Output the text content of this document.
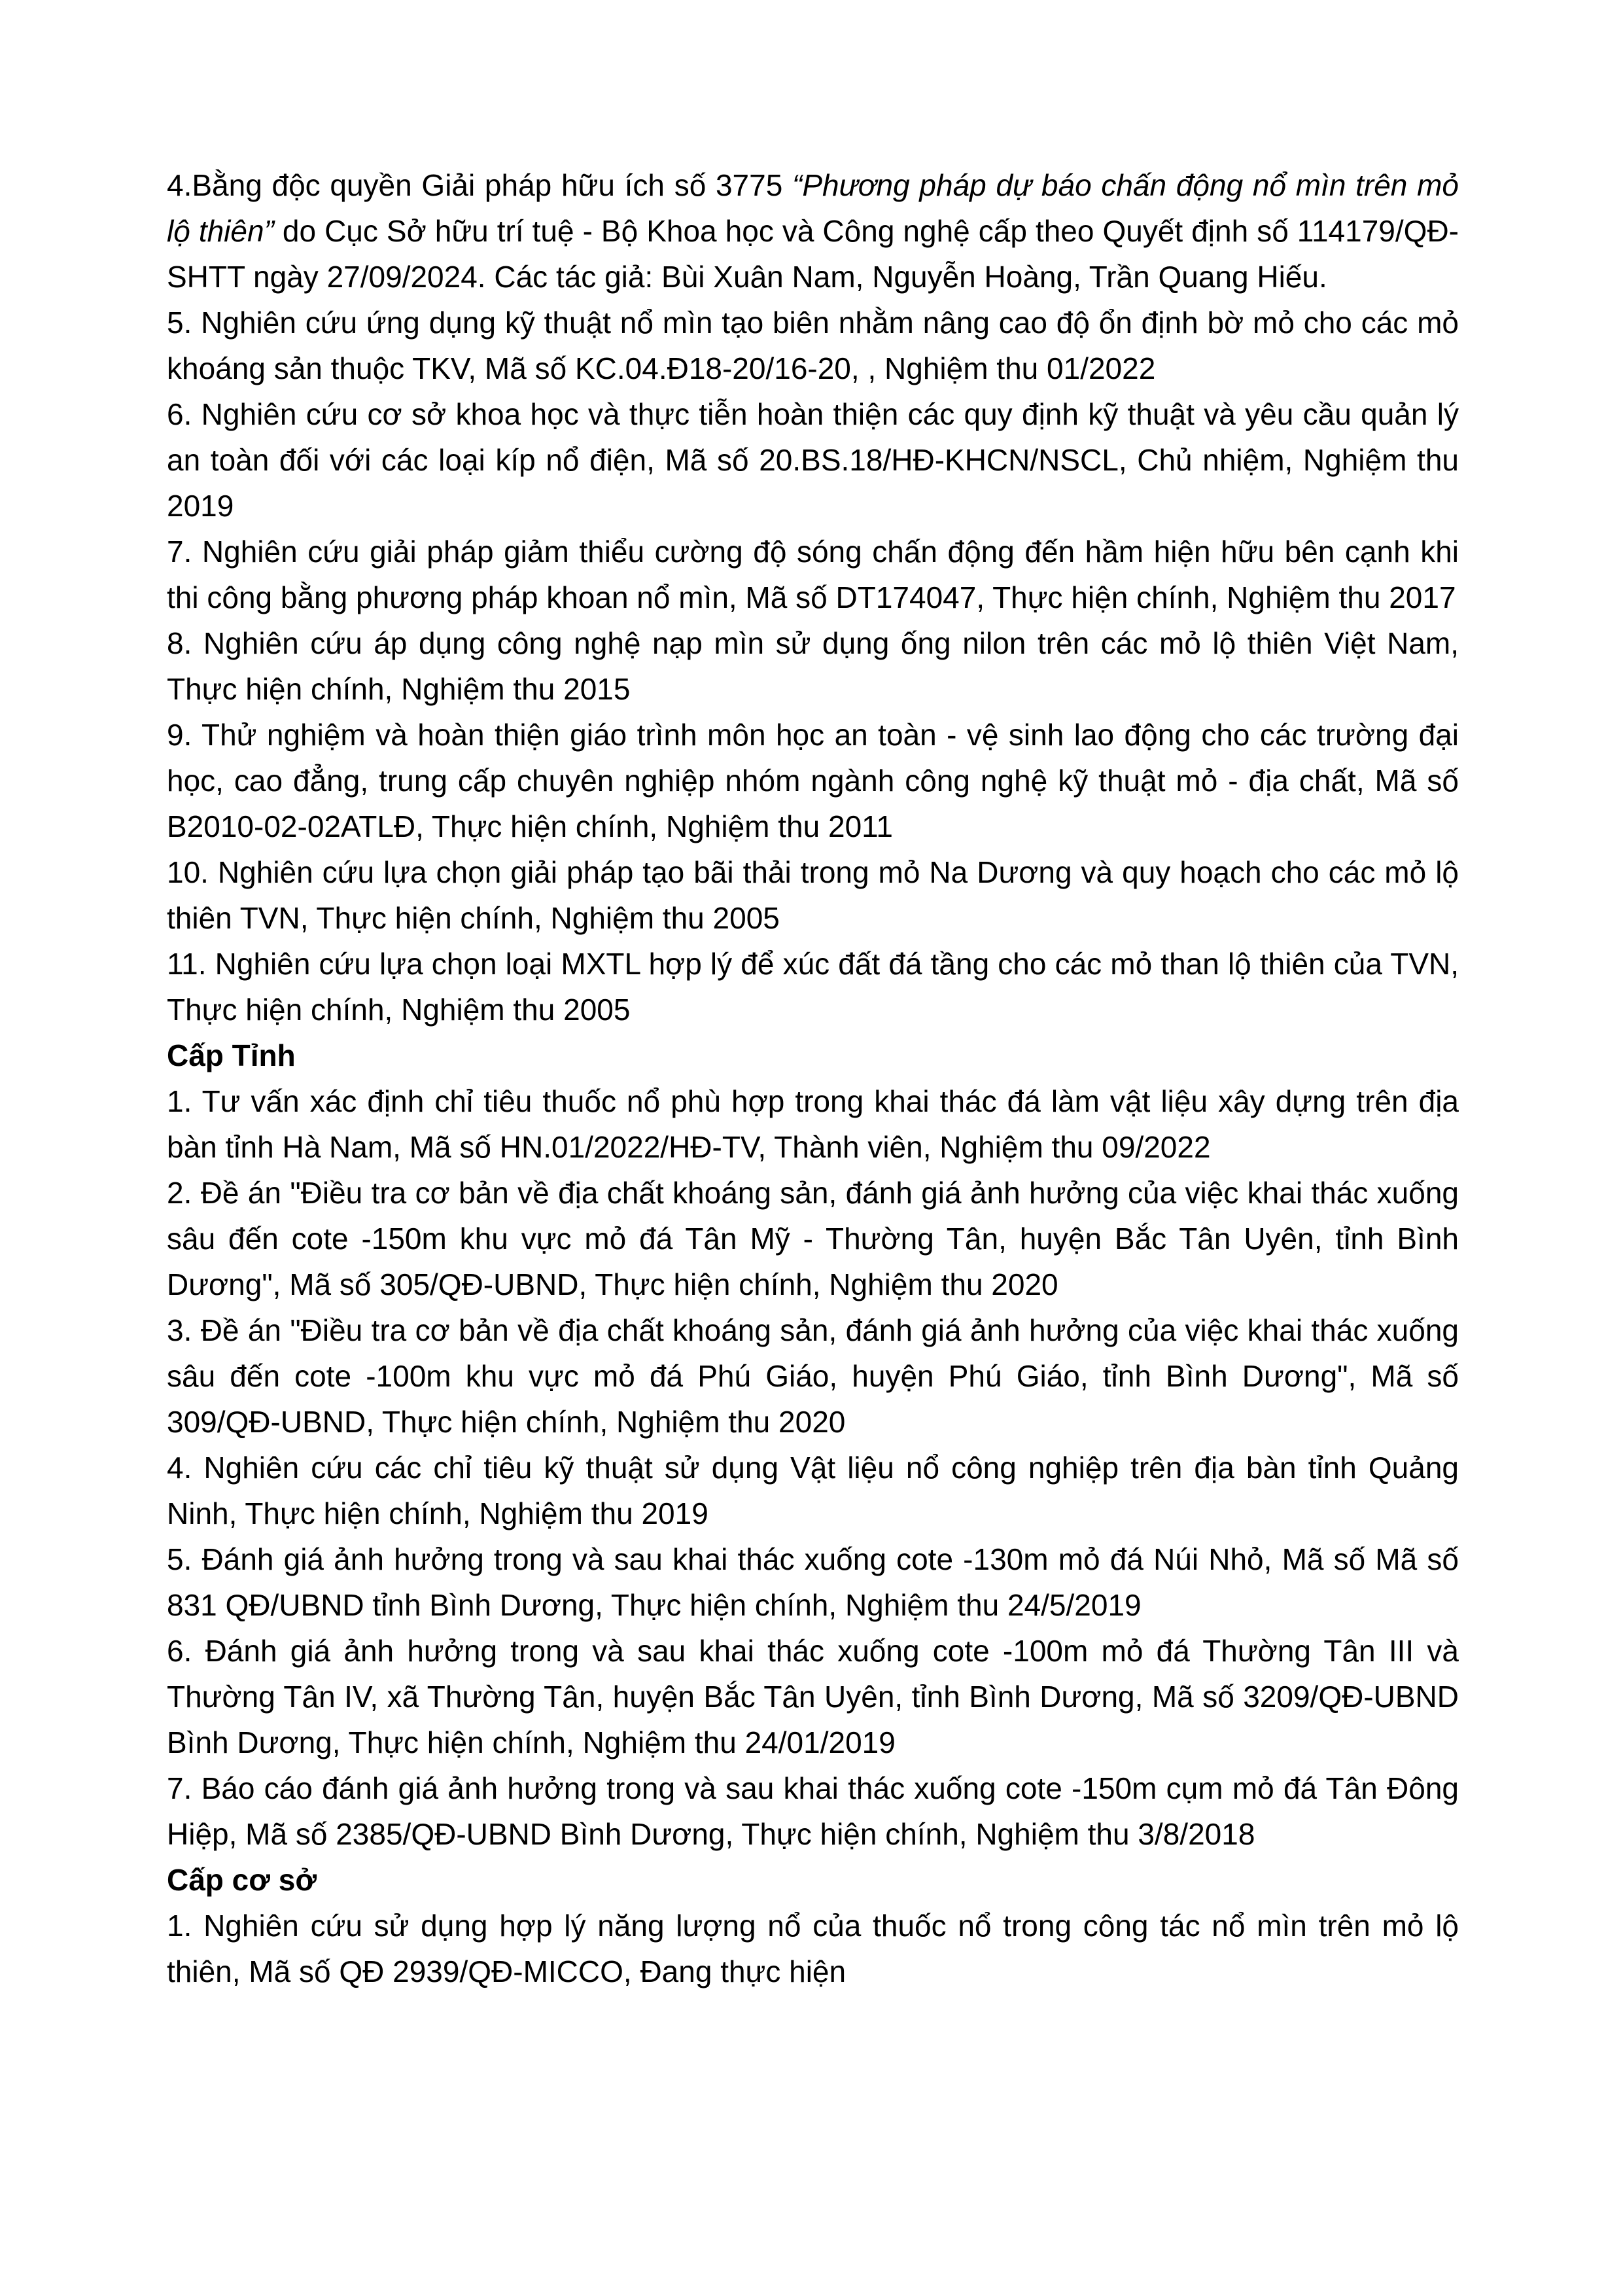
4.Bằng độc quyền Giải pháp hữu ích số 3775 “Phương pháp dự báo chấn động nổ mìn trên mỏ lộ thiên” do Cục Sở hữu trí tuệ - Bộ Khoa học và Công nghệ cấp theo Quyết định số 114179/QĐ-SHTT ngày 27/09/2024. Các tác giả: Bùi Xuân Nam, Nguyễn Hoàng, Trần Quang Hiếu.

5. Nghiên cứu ứng dụng kỹ thuật nổ mìn tạo biên nhằm nâng cao độ ổn định bờ mỏ cho các mỏ khoáng sản thuộc TKV, Mã số KC.04.Đ18-20/16-20, , Nghiệm thu 01/2022

6. Nghiên cứu cơ sở khoa học và thực tiễn hoàn thiện các quy định kỹ thuật và yêu cầu quản lý an toàn đối với các loại kíp nổ điện, Mã số 20.BS.18/HĐ-KHCN/NSCL, Chủ nhiệm, Nghiệm thu 2019

7. Nghiên cứu giải pháp giảm thiểu cường độ sóng chấn động đến hầm hiện hữu bên cạnh khi thi công bằng phương pháp khoan nổ mìn, Mã số DT174047, Thực hiện chính, Nghiệm thu 2017

8. Nghiên cứu áp dụng công nghệ nạp mìn sử dụng ống nilon trên các mỏ lộ thiên Việt Nam, Thực hiện chính, Nghiệm thu 2015

9. Thử nghiệm và hoàn thiện giáo trình môn học an toàn - vệ sinh lao động cho các trường đại học, cao đẳng, trung cấp chuyên nghiệp nhóm ngành công nghệ kỹ thuật mỏ - địa chất, Mã số B2010-02-02ATLĐ, Thực hiện chính, Nghiệm thu 2011

10. Nghiên cứu lựa chọn giải pháp tạo bãi thải trong mỏ Na Dương và quy hoạch cho các mỏ lộ thiên TVN, Thực hiện chính, Nghiệm thu 2005

11. Nghiên cứu lựa chọn loại MXTL hợp lý để xúc đất đá tầng cho các mỏ than lộ thiên của TVN, Thực hiện chính, Nghiệm thu 2005

Cấp Tỉnh

1. Tư vấn xác định chỉ tiêu thuốc nổ phù hợp trong khai thác đá làm vật liệu xây dựng trên địa bàn tỉnh Hà Nam, Mã số HN.01/2022/HĐ-TV, Thành viên, Nghiệm thu 09/2022

2. Đề án "Điều tra cơ bản về địa chất khoáng sản, đánh giá ảnh hưởng của việc khai thác xuống sâu đến cote -150m khu vực mỏ đá Tân Mỹ - Thường Tân, huyện Bắc Tân Uyên, tỉnh Bình Dương", Mã số 305/QĐ-UBND, Thực hiện chính, Nghiệm thu 2020

3. Đề án "Điều tra cơ bản về địa chất khoáng sản, đánh giá ảnh hưởng của việc khai thác xuống sâu đến cote -100m khu vực mỏ đá Phú Giáo, huyện Phú Giáo, tỉnh Bình Dương", Mã số 309/QĐ-UBND, Thực hiện chính, Nghiệm thu 2020

4. Nghiên cứu các chỉ tiêu kỹ thuật sử dụng Vật liệu nổ công nghiệp trên địa bàn tỉnh Quảng Ninh, Thực hiện chính, Nghiệm thu 2019

5. Đánh giá ảnh hưởng trong và sau khai thác xuống cote -130m mỏ đá Núi Nhỏ, Mã số Mã số 831 QĐ/UBND tỉnh Bình Dương, Thực hiện chính, Nghiệm thu 24/5/2019

6. Đánh giá ảnh hưởng trong và sau khai thác xuống cote -100m mỏ đá Thường Tân III và Thường Tân IV, xã Thường Tân, huyện Bắc Tân Uyên, tỉnh Bình Dương, Mã số 3209/QĐ-UBND Bình Dương, Thực hiện chính, Nghiệm thu 24/01/2019

7. Báo cáo đánh giá ảnh hưởng trong và sau khai thác xuống cote -150m cụm mỏ đá Tân Đông Hiệp, Mã số 2385/QĐ-UBND Bình Dương, Thực hiện chính, Nghiệm thu 3/8/2018

Cấp cơ sở

1. Nghiên cứu sử dụng hợp lý năng lượng nổ của thuốc nổ trong công tác nổ mìn trên mỏ lộ thiên, Mã số QĐ 2939/QĐ-MICCO, Đang thực hiện
